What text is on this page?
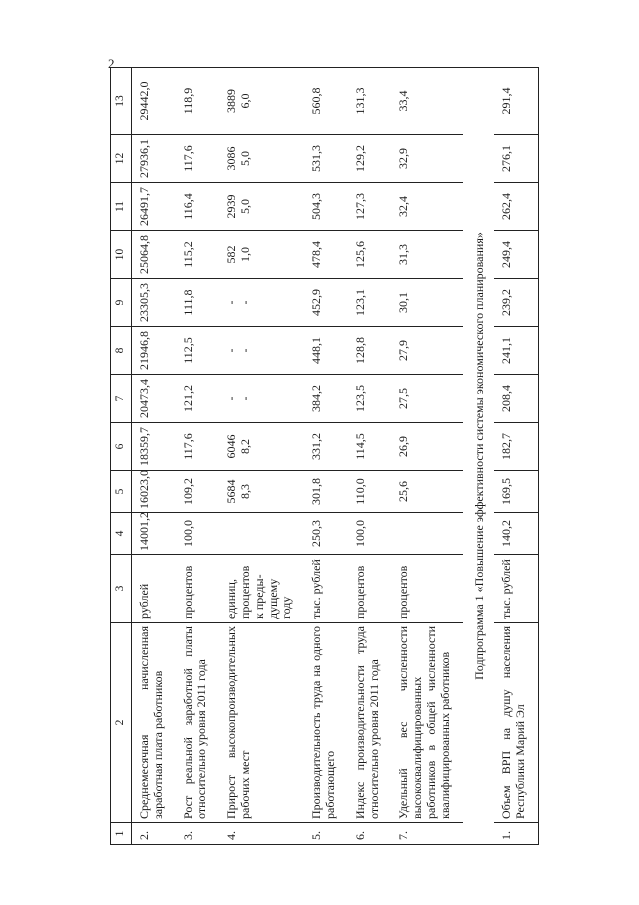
2
1	2	3	4	5	6	7	8	9	10	11	12	13
2.	Среднемесячная начисленная заработная плата работников	рублей	14001,2	16023,0	18359,7	20473,4	21946,8	23305,3	25064,8	26491,7	27936,1	29442,0
3.	Рост реальной заработной платы относительно уровня 2011 года	процентов	100,0	109,2	117,6	121,2	112,5	111,8	115,2	116,4	117,6	118,9
4.	Прирост высокопроизводительных рабочих мест	единиц, процентов к преды-дущему году		5684 8,3	6046 8,2	- -	- -	- -	582 1,0	2939 5,0	3086 5,0	3889 6,0

5.	Производительность труда на одного работающего	тыс. рублей	250,3	301,8	331,2	384,2	448,1	452,9	478,4	504,3	531,3	560,8
6.	Индекс производительности труда относительно уровня 2011 года	процентов	100,0	110,0	114,5	123,5	128,8	123,1	125,6	127,3	129,2	131,3
7.	Удельный вес численности высококвалифицированных работников в общей численности квалифицированных работников	процентов		25,6	26,9	27,5	27,9	30,1	31,3	32,4	32,9	33,4
Подпрограмма 1 «Повышение эффективности системы экономического планирования»												
1.	Объем ВРП на душу населения Республики Марий Эл	тыс. рублей	140,2	169,5	182,7	208,4	241,1	239,2	249,4	262,4	276,1	291,4
